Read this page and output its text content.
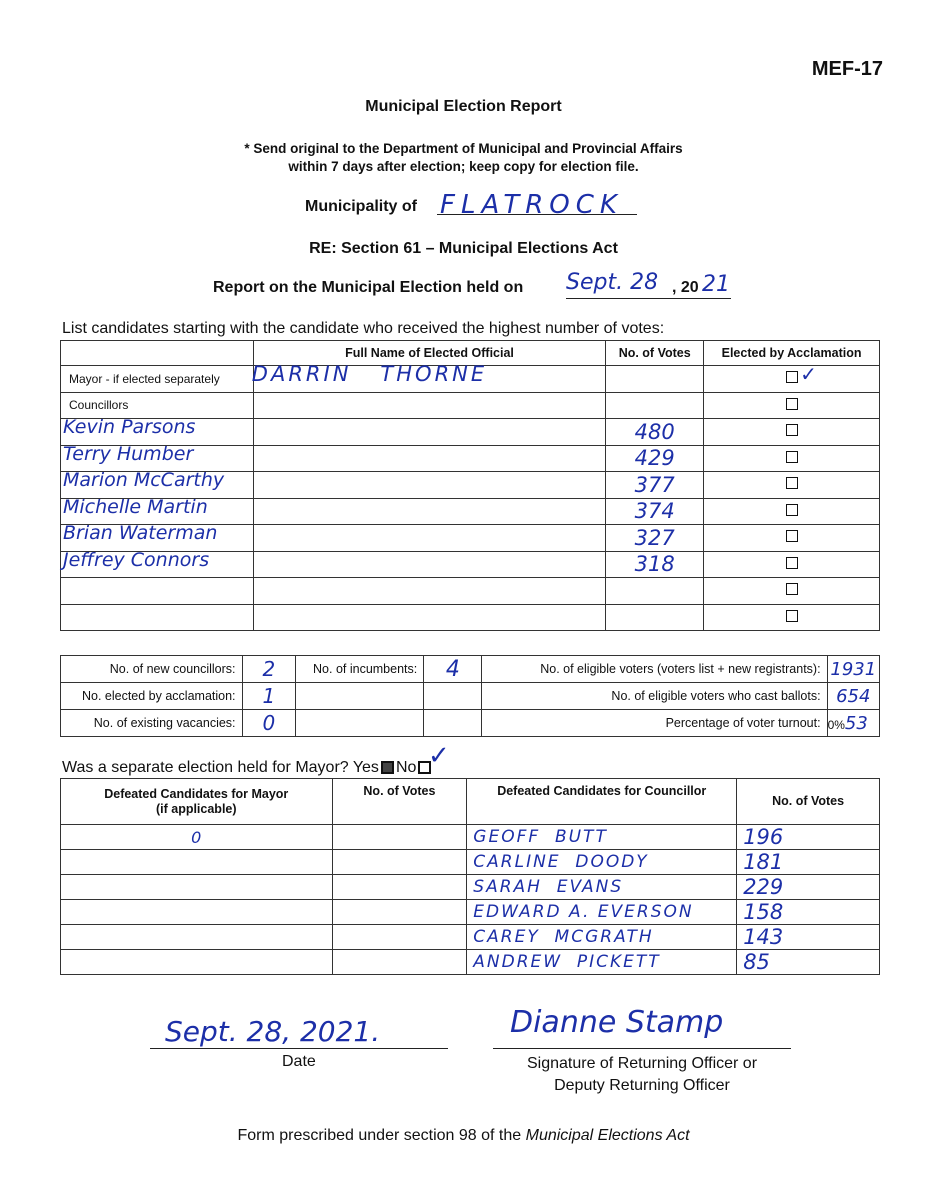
MEF-17
Municipal Election Report
* Send original to the Department of Municipal and Provincial Affairs
within 7 days after election; keep copy for election file.
Municipality of FLATROCK
RE: Section 61 – Municipal Elections Act
Report on the Municipal Election held on Sept. 28 , 20 21
List candidates starting with the candidate who received the highest number of votes:
	Full Name of Elected Official	No. of Votes	Elected by Acclamation
Mayor - if elected separately	DARRIN   THORNE		✓

Councillors			

Kevin Parsons		480	

Terry Humber		429	

Marion McCarthy		377	

Michelle Martin		374	

Brian Waterman		327	

Jeffrey Connors		318	

No. of new councillors:	2	No. of incumbents:	4	No. of eligible voters (voters list + new registrants):	1931
No. elected by acclamation:	1			No. of eligible voters who cast ballots:	654
No. of existing vacancies:	0			Percentage of voter turnout:	0%53
Was a separate election held for Mayor? Yes No ✓
Defeated Candidates for Mayor
(if applicable)	No. of Votes	Defeated Candidates for Councillor	No. of Votes
0		GEOFF  BUTT	196
		CARLINE  DOODY	181
		SARAH  EVANS	229
		EDWARD A. EVERSON	158
		CAREY  MCGRATH	143
		ANDREW  PICKETT	85
Sept. 28, 2021.
Date
Dianne Stamp
Signature of Returning Officer or
Deputy Returning Officer
Form prescribed under section 98 of the Municipal Elections Act
